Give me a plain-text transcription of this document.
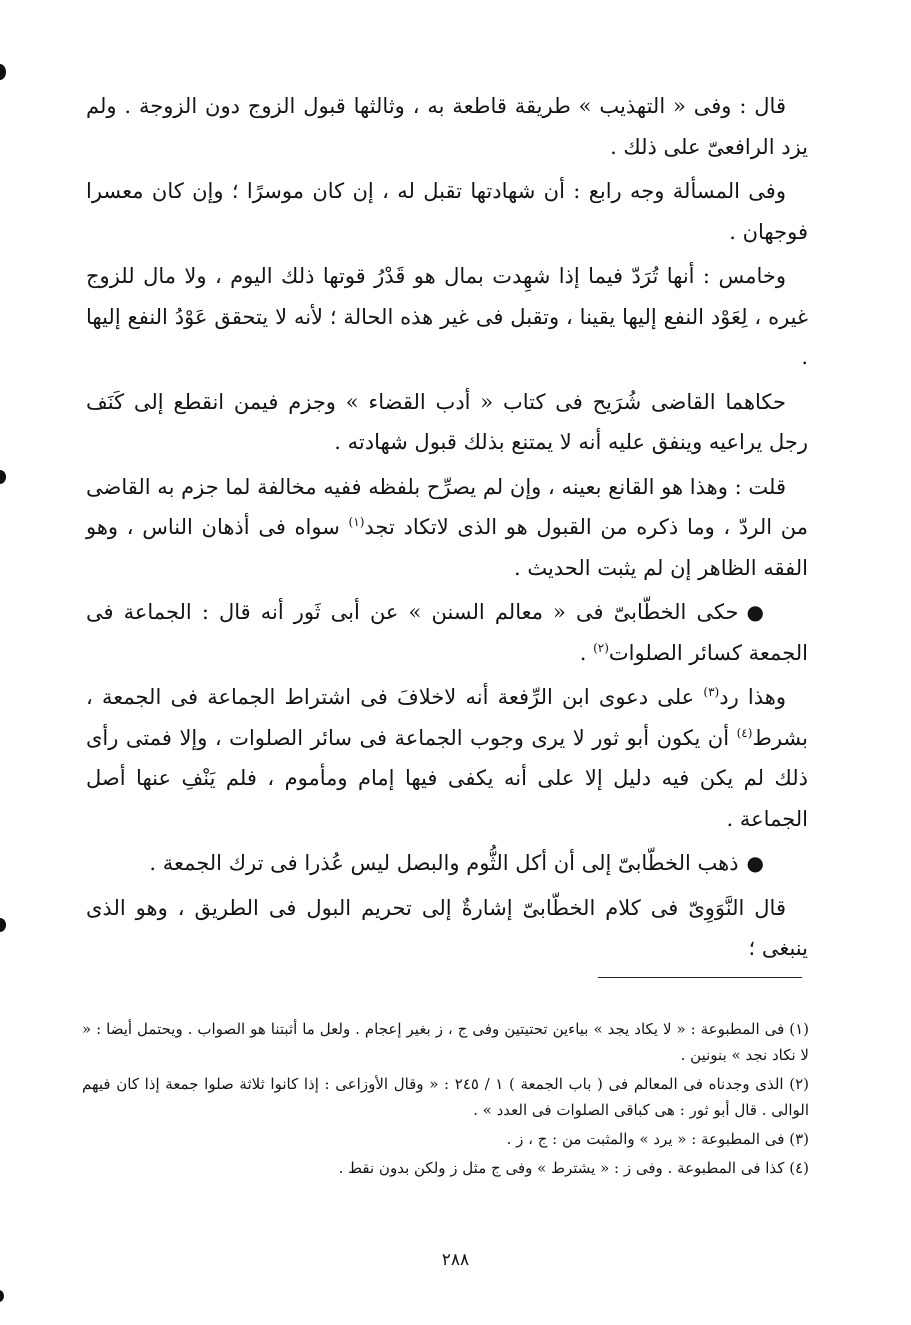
قال : وفى « التهذيب » طريقة قاطعة به ، وثالثها قبول الزوج دون الزوجة . ولم يزد الرافعىّ على ذلك .

وفى المسألة وجه رابع : أن شهادتها تقبل له ، إن كان موسرًا ؛ وإن كان معسرا فوجهان .

وخامس : أنها تُرَدّ فيما إذا شهِدت بمال هو قَدْرُ قوتها ذلك اليوم ، ولا مال للزوج غيره ، لِعَوْد النفع إليها يقينا ، وتقبل فى غير هذه الحالة ؛ لأنه لا يتحقق عَوْدُ النفع إليها .

حكاهما القاضى شُرَيح فى كتاب « أدب القضاء » وجزم فيمن انقطع إلى كَنَف رجل يراعيه وينفق عليه أنه لا يمتنع بذلك قبول شهادته .

قلت : وهذا هو القانع بعينه ، وإن لم يصرِّح بلفظه ففيه مخالفة لما جزم به القاضى من الردّ ، وما ذكره من القبول هو الذى لاتكاد تجد$^{(١)}$ سواه فى أذهان الناس ، وهو الفقه الظاهر إن لم يثبت الحديث .

●حكى الخطّابىّ فى « معالم السنن » عن أبى ثَور أنه قال : الجماعة فى الجمعة كسائر الصلوات$^{(٢)}$ .

وهذا رد$^{(٣)}$ على دعوى ابن الرِّفعة أنه لاخلافَ فى اشتراط الجماعة فى الجمعة ، بشرط$^{(٤)}$ أن يكون أبو ثور لا يرى وجوب الجماعة فى سائر الصلوات ، وإلا فمتى رأى ذلك لم يكن فيه دليل إلا على أنه يكفى فيها إمام ومأموم ، فلم يَنْفِ عنها أصل الجماعة .

●ذهب الخطّابىّ إلى أن أكل الثُّوم والبصل ليس عُذرا فى ترك الجمعة .

قال النَّوَوِىّ فى كلام الخطّابىّ إشارةٌ إلى تحريم البول فى الطريق ، وهو الذى ينبغى ؛

(١) فى المطبوعة : « لا يكاد يجد » بياءين تحتيتين وفى ج ، ز بغير إعجام . ولعل ما أثبتنا هو الصواب . ويحتمل أيضا : « لا نكاد نجد » بنونين .

(٢) الذى وجدناه فى المعالم فى ( باب الجمعة ) ١ / ٢٤٥ : « وقال الأوزاعى : إذا كانوا ثلاثة صلوا جمعة إذا كان فيهم الوالى . قال أبو ثور : هى كباقى الصلوات فى العدد » .

(٣) فى المطبوعة : « يرد » والمثبت من : ج ، ز .

(٤) كذا فى المطبوعة . وفى ز : « يشترط » وفى ج مثل ز ولكن بدون نقط .

٢٨٨
